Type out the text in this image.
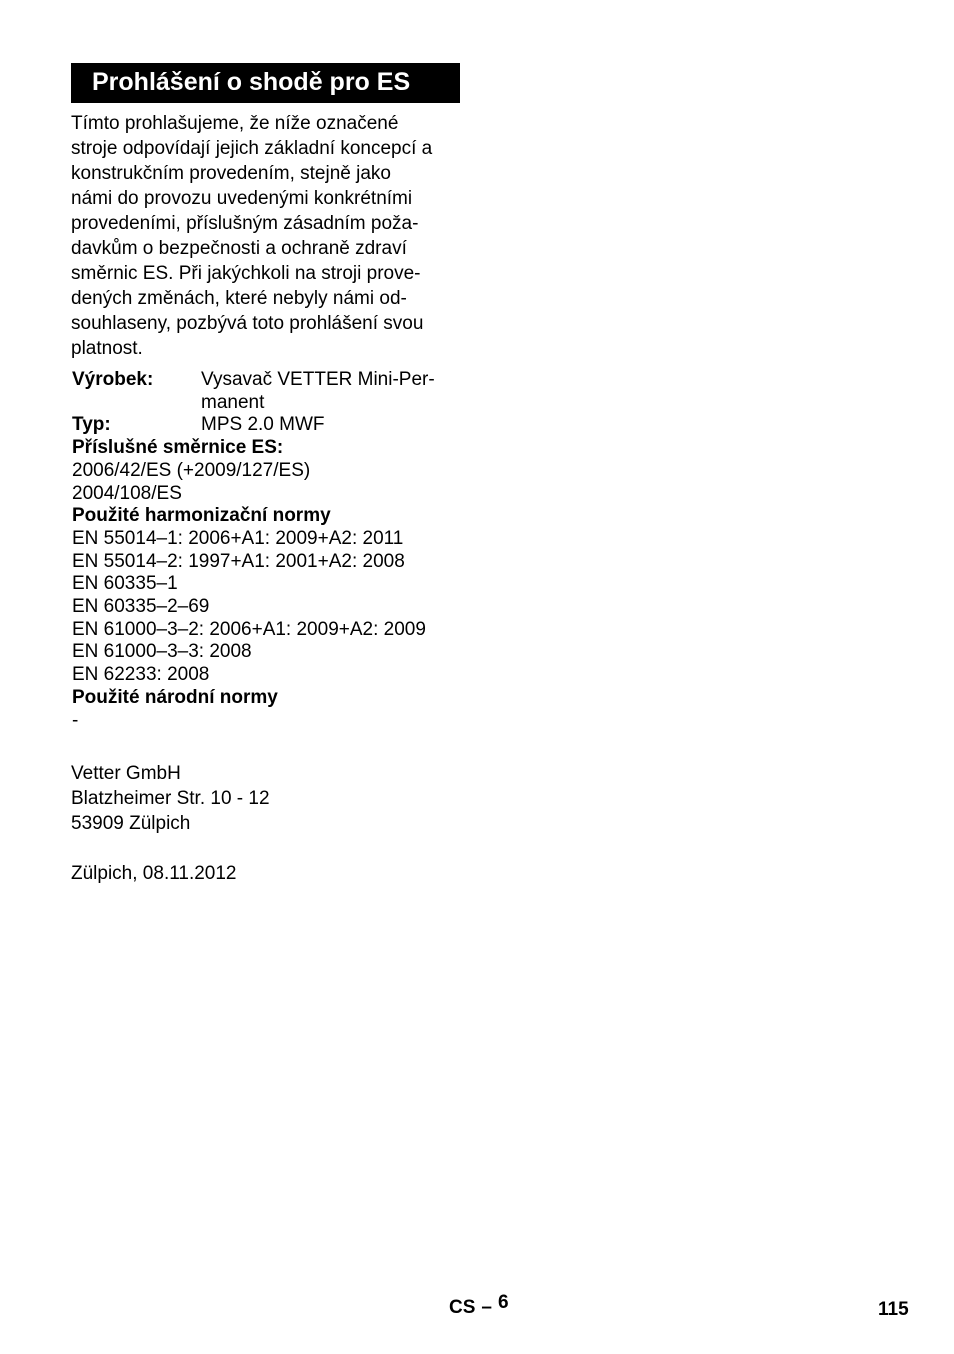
Prohlášení o shodě pro ES

Tímto prohlašujeme, že níže označené
stroje odpovídají jejich základní koncepcí a
konstrukčním provedením, stejně jako
námi do provozu uvedenými konkrétními
provedeními, příslušným zásadním poža-
davkům o bezpečnosti a ochraně zdraví
směrnic ES. Při jakýchkoli na stroji prove-
dených změnách, které nebyly námi od-
souhlaseny, pozbývá toto prohlášení svou
platnost.

Výrobek:	Vysavač VETTER Mini-Per-
manent
Typ:	MPS 2.0 MWF
Příslušné směrnice ES:
2006/42/ES (+2009/127/ES)
2004/108/ES
Použité harmonizační normy
EN 55014–1: 2006+A1: 2009+A2: 2011
EN 55014–2: 1997+A1: 2001+A2: 2008
EN 60335–1
EN 60335–2–69
EN 61000–3–2: 2006+A1: 2009+A2: 2009
EN 61000–3–3: 2008
EN 62233: 2008
Použité národní normy
-
Vetter GmbH
Blatzheimer Str. 10 - 12
53909 Zülpich
Zülpich, 08.11.2012
CS – 6	115
